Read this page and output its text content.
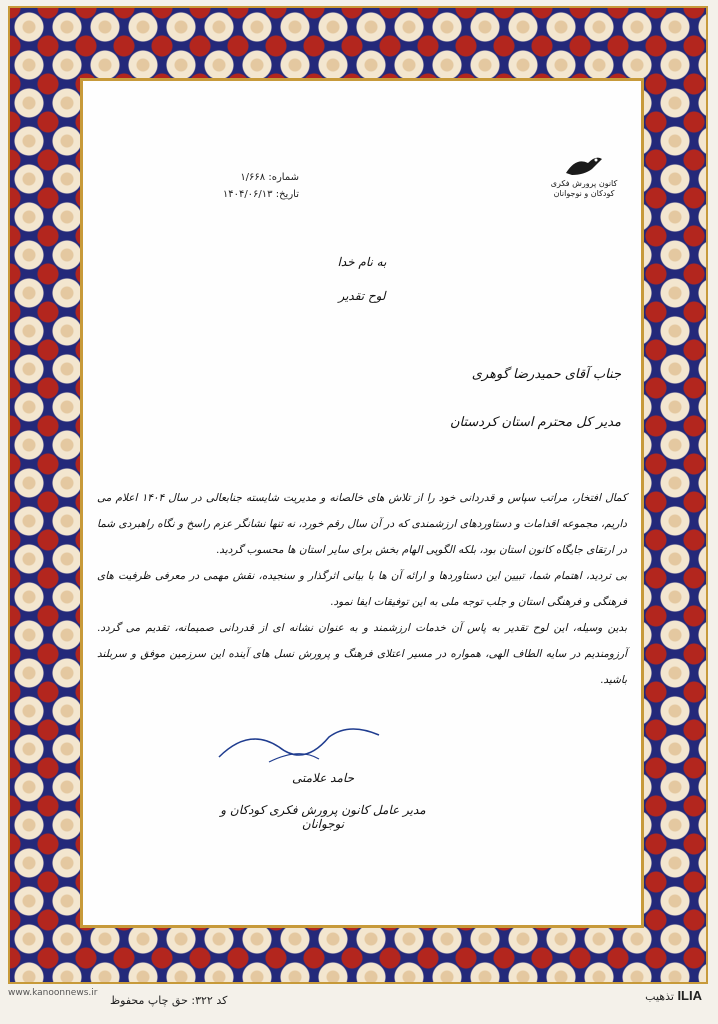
کانون پرورش فکری
کودکان و نوجوانان
شماره: ۱/۶۶۸
تاریخ: ۱۴۰۴/۰۶/۱۳
به نام خدا
لوح تقدیر
جناب آقای حمیدرضا گوهری
مدیر کل محترم استان کردستان
کمال افتخار، مراتب سپاس و قدردانی خود را از تلاش های خالصانه و مدیریت شایسته جنابعالی در سال ۱۴۰۴ اعلام می داریم، مجموعه اقدامات و دستاوردهای ارزشمندی که در آن سال رقم خورد، نه تنها نشانگر عزم راسخ و نگاه راهبردی شما در ارتقای جایگاه کانون استان بود، بلکه الگویی الهام بخش برای سایر استان ها محسوب گردید.
بی تردید، اهتمام شما، تبیین این دستاوردها و ارائه آن ها با بیانی اثرگذار و سنجیده، نقش مهمی در معرفی ظرفیت های فرهنگی و فرهنگی استان و جلب توجه ملی به این توفیقات ایفا نمود.
بدین وسیله، این لوح تقدیر به پاس آن خدمات ارزشمند و به عنوان نشانه ای از قدردانی صمیمانه، تقدیم می گردد. آرزومندیم در سایه الطاف الهی، همواره در مسیر اعتلای فرهنگ و پرورش نسل های آینده این سرزمین موفق و سربلند باشید.
حامد علامتی
مدیر عامل کانون پرورش فکری کودکان و نوجوانان
www.kanoonnews.ir
کد ۳۲۲: حق چاپ محفوظ	ILIA تذهیب
